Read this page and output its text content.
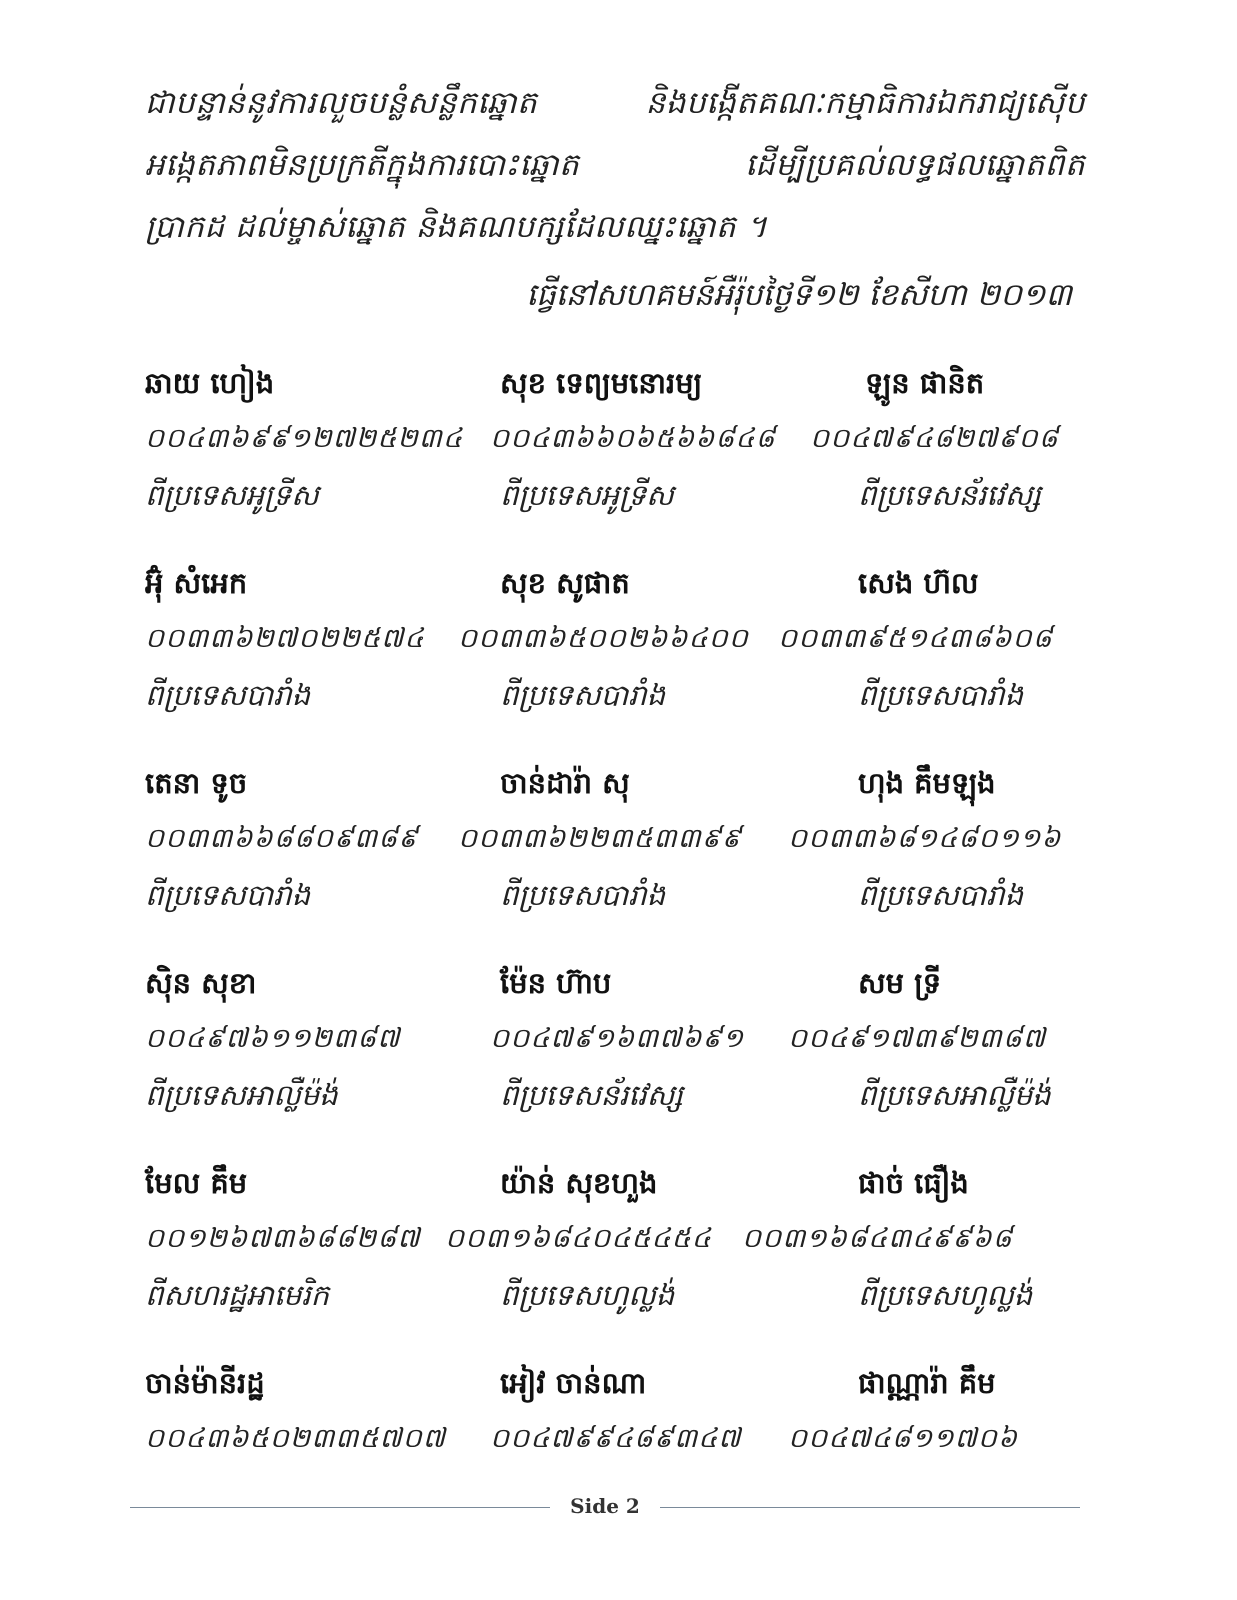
ជាបន្ទាន់នូវការលួចបន្លំសន្លឹកឆ្នោត និងបង្កើតគណៈកម្មាធិការឯករាជ្យស៊ើប
អង្កេតភាពមិនប្រក្រតីក្នុងការបោះឆ្នោត ដើម្បីប្រគល់លទ្ធផលឆ្នោតពិត
ប្រាកដ ដល់ម្ចាស់ឆ្នោត និងគណបក្សដែលឈ្នះឆ្នោត ។
ធ្វើនៅសហគមន៍អឺរ៉ុបថ្ងៃទី១២ ខែសីហា ២០១៣
ឆាយ ហៀង	សុខ ទេព្យមនោរម្យ	ឡូន ផានិត
០០៤៣៦៩៩១២៧២៥២៣៤ ០០៤៣៦៦០៦៥៦៦៨៤៨ ០០៤៧៩៤៨២៧៩០៨
ពីប្រទេសអូទ្រីស	ពីប្រទេសអូទ្រីស	ពីប្រទេសន័រវេស្ស
អ៊ុំ សំអេក	សុខ សូផាត	សេង ហ៊ល
០០៣៣៦២៧០២២៥៧៤ ០០៣៣៦៥០០២៦៦៤០០ ០០៣៣៩៥១៤៣៨៦០៨
ពីប្រទេសបារាំង	ពីប្រទេសបារាំង	ពីប្រទេសបារាំង
តេនា ទូច	ចាន់ដារ៉ា សុ	ហុង គឹមឡុង
០០៣៣៦៦៨៨០៩៣៨៩ ០០៣៣៦២២៣៥៣៣៩៩ ០០៣៣៦៨១៤៨០១១៦
ពីប្រទេសបារាំង	ពីប្រទេសបារាំង	ពីប្រទេសបារាំង
ស៊ិន សុខា	ម៉ែន ហ៊ាប	សម ទ្រី
០០៤៩៧៦១១២៣៨៧	០០៤៧៩១៦៣៧៦៩១ ០០៤៩១៧៣៩២៣៨៧
ពីប្រទេសអាល្លឺម៉ង់	ពីប្រទេសន័រវេស្ស	ពីប្រទេសអាល្លឺម៉ង់
មែល គឹម	យ៉ាន់ សុខហួង	ផាច់ ធឿង
០០១២៦៧៣៦៨៨២៨៧ ០០៣១៦៨៤០៤៥៤៥៤ ០០៣១៦៨៤៣៤៩៩៦៨
ពីសហរដ្ឋអាមេរិក	ពីប្រទេសហូល្លង់	ពីប្រទេសហូល្លង់
ចាន់ម៉ានីរដ្ឋ	អៀវ ចាន់ណា	ផាណ្ណារ៉ា គឹម
០០៤៣៦៥០២៣៣៥៧០៧ ០០៤៧៩៩៤៨៩៣៤៧ ០០៤៧៤៨១១៧០៦
Side 2
